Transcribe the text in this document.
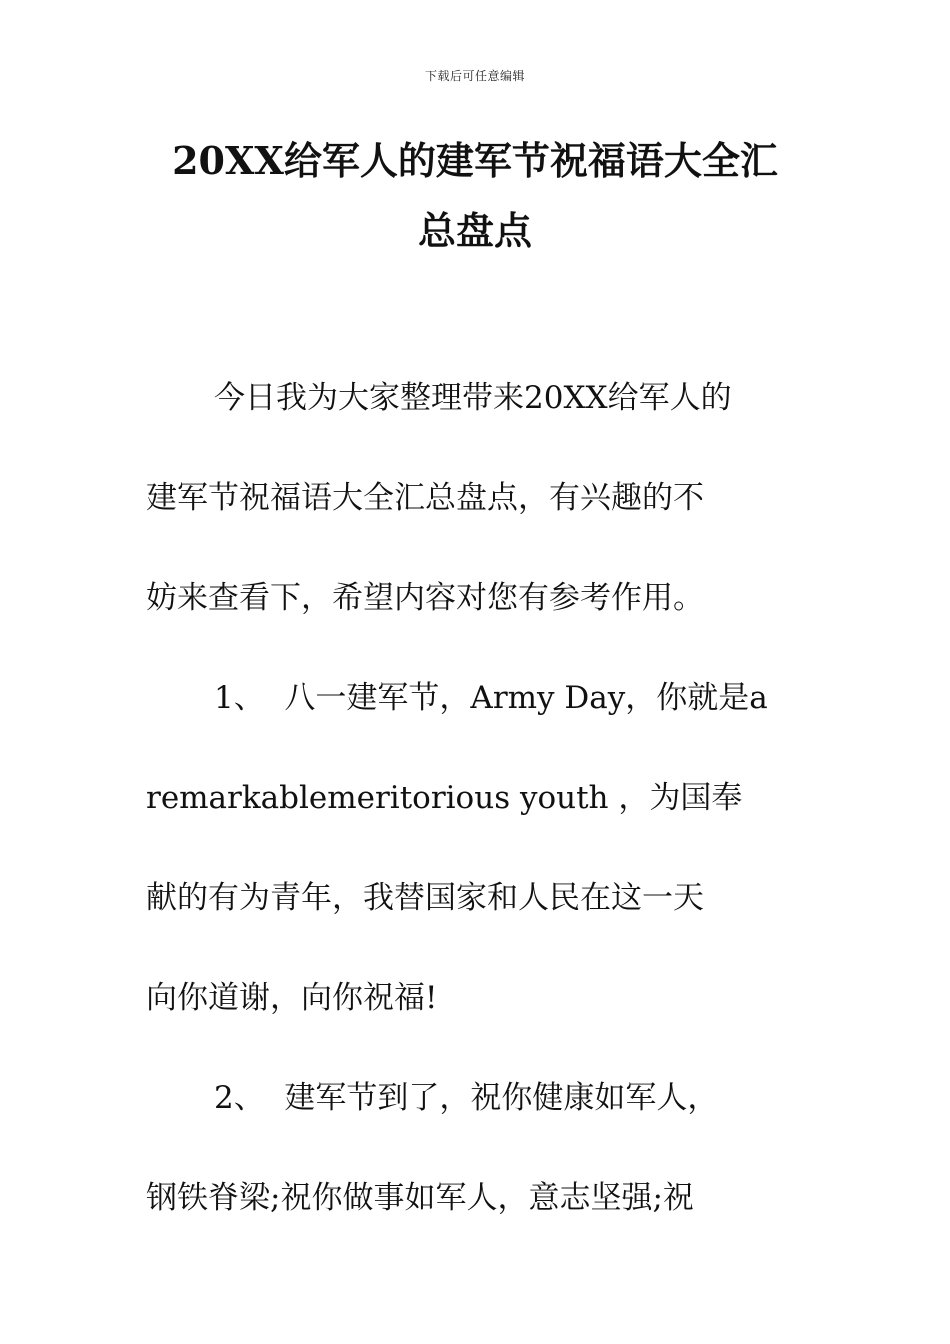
下载后可任意编辑
20XX给军人的建军节祝福语大全汇
总盘点
今日我为大家整理带来20XX给军人的
建军节祝福语大全汇总盘点，有兴趣的不
妨来查看下，希望内容对您有参考作用。
1、  八一建军节，Army Day，你就是a
remarkablemeritorious youth ，为国奉
献的有为青年，我替国家和人民在这一天
向你道谢，向你祝福!
2、  建军节到了，祝你健康如军人，
钢铁脊梁;祝你做事如军人，意志坚强;祝
